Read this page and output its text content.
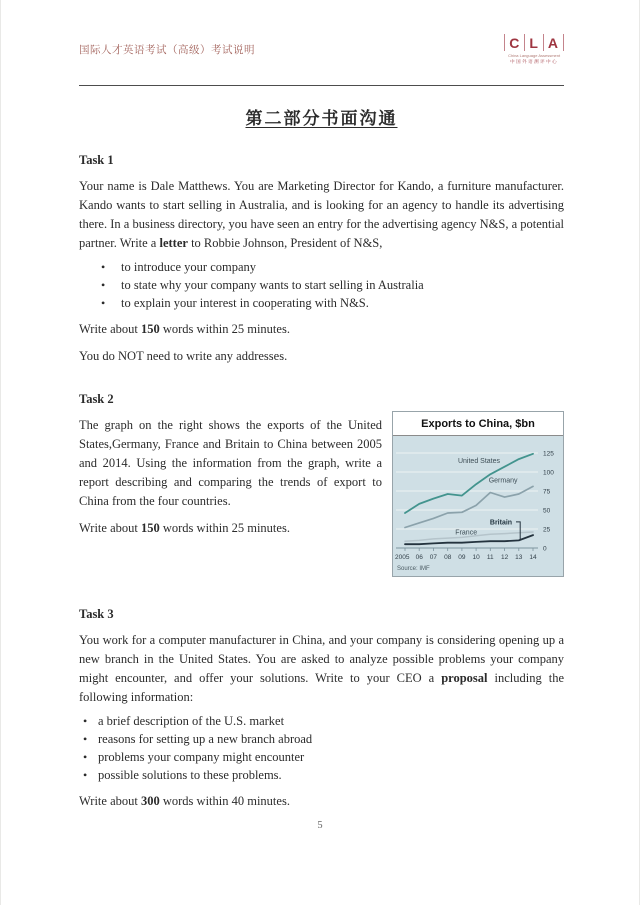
国际人才英语考试（高级）考试说明	C L A
China Language Assessment
中国外语测评中心
第二部分书面沟通
Task 1

Your name is Dale Matthews. You are Marketing Director for Kando, a furniture manufacturer. Kando wants to start selling in Australia, and is looking for an agency to handle its advertising there. In a business directory, you have seen an entry for the advertising agency N&S, a potential partner. Write a letter to Robbie Johnson, President of N&S,

• to introduce your company
• to state why your company wants to start selling in Australia
• to explain your interest in cooperating with N&S.

Write about 150 words within 25 minutes.

You do NOT need to write any addresses.

Task 2

The graph on the right shows the exports of the United States,Germany, France and Britain to China between 2005 and 2014. Using the information from the graph, write a report describing and comparing the trends of export to China from the four countries.

Write about 150 words within 25 minutes.

Exports to China, $bn
0
25
50
75
100
125
2005 06 07 08 09 10 11 12 13 14
United States
Germany
France
Britain
Source: IMF
Task 3

You work for a computer manufacturer in China, and your company is considering opening up a new branch in the United States. You are asked to analyze possible problems your company might encounter, and offer your solutions. Write to your CEO a proposal including the following information:

• a brief description of the U.S. market
• reasons for setting up a new branch abroad
• problems your company might encounter
• possible solutions to these problems.

Write about 300 words within 40 minutes.

5
